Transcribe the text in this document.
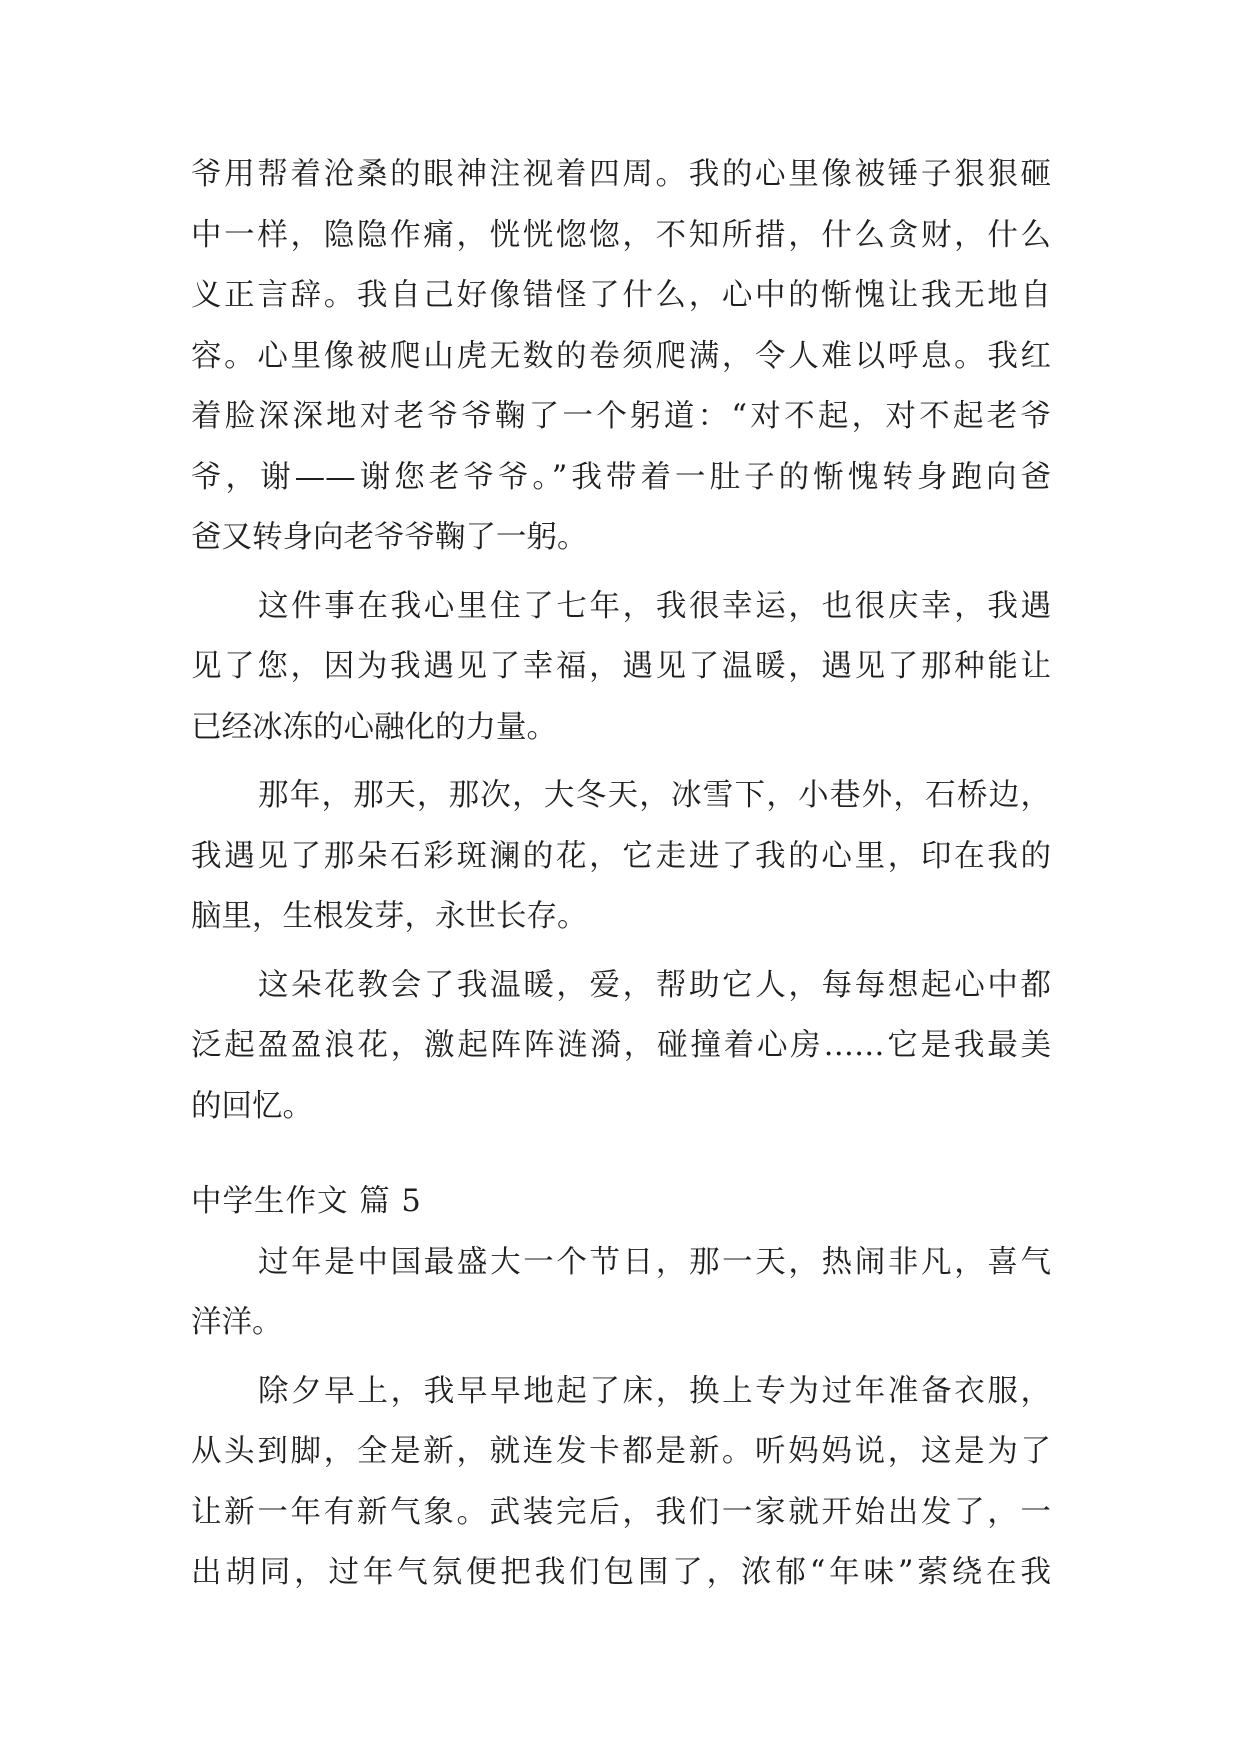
爷用帮着沧桑的眼神注视着四周。我的心里像被锤子狠狠砸
中一样，隐隐作痛，恍恍惚惚，不知所措，什么贪财，什么
义正言辞。我自己好像错怪了什么，心中的惭愧让我无地自
容。心里像被爬山虎无数的卷须爬满，令人难以呼息。我红
着脸深深地对老爷爷鞠了一个躬道：“对不起，对不起老爷
爷，谢——谢您老爷爷。”我带着一肚子的惭愧转身跑向爸
爸又转身向老爷爷鞠了一躬。
这件事在我心里住了七年，我很幸运，也很庆幸，我遇
见了您，因为我遇见了幸福，遇见了温暖，遇见了那种能让
已经冰冻的心融化的力量。
那年，那天，那次，大冬天，冰雪下，小巷外，石桥边，
我遇见了那朵石彩斑澜的花，它走进了我的心里，印在我的
脑里，生根发芽，永世长存。
这朵花教会了我温暖，爱，帮助它人，每每想起心中都
泛起盈盈浪花，激起阵阵涟漪，碰撞着心房……它是我最美
的回忆。
中学生作文 篇 5
过年是中国最盛大一个节日，那一天，热闹非凡，喜气
洋洋。
除夕早上，我早早地起了床，换上专为过年准备衣服，
从头到脚，全是新，就连发卡都是新。听妈妈说，这是为了
让新一年有新气象。武装完后，我们一家就开始出发了，一
出胡同，过年气氛便把我们包围了，浓郁“年味”萦绕在我
